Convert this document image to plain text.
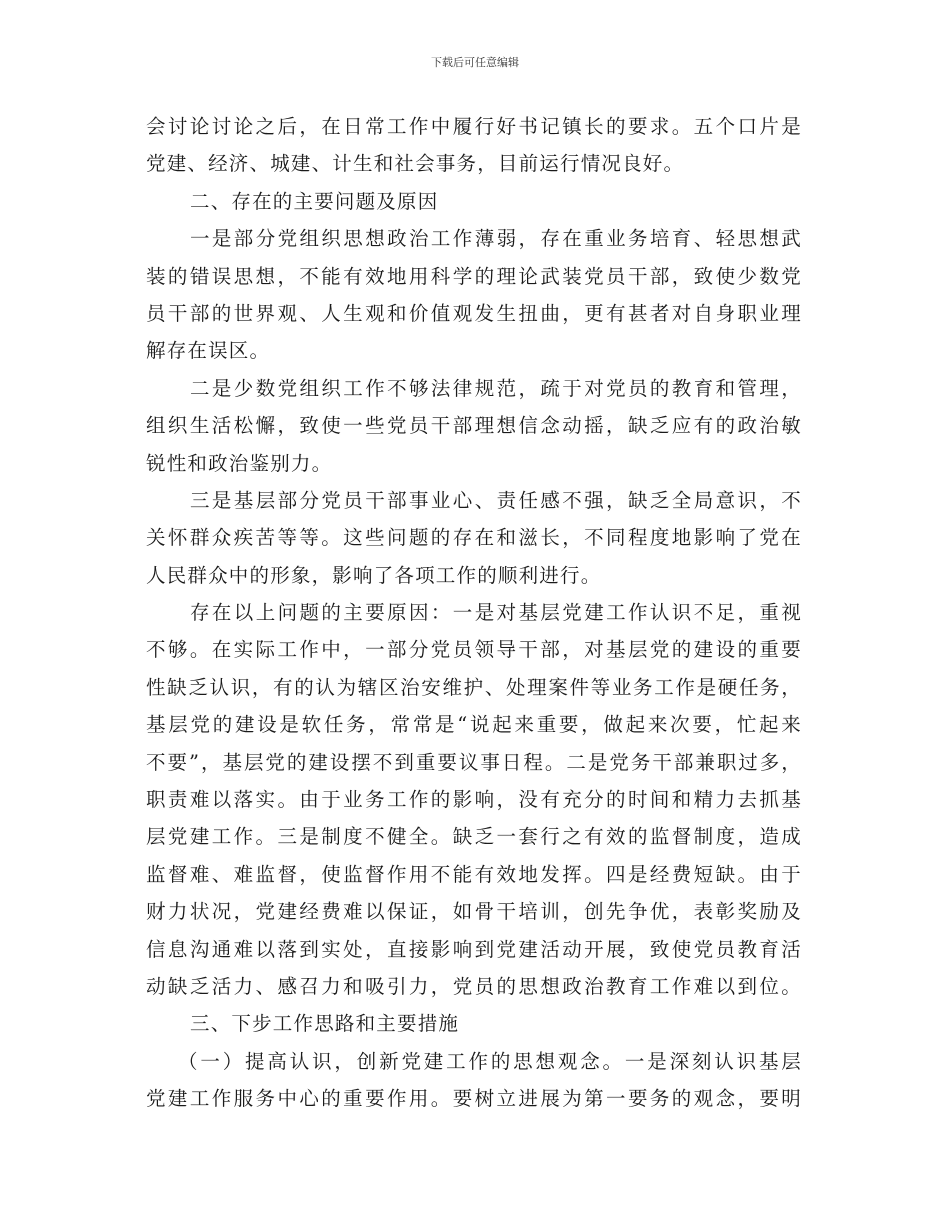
下载后可任意编辑
会讨论讨论之后，在日常工作中履行好书记镇长的要求。五个口片是
党建、经济、城建、计生和社会事务，目前运行情况良好。
二、存在的主要问题及原因
一是部分党组织思想政治工作薄弱，存在重业务培育、轻思想武
装的错误思想，不能有效地用科学的理论武装党员干部，致使少数党
员干部的世界观、人生观和价值观发生扭曲，更有甚者对自身职业理
解存在误区。
二是少数党组织工作不够法律规范，疏于对党员的教育和管理，
组织生活松懈，致使一些党员干部理想信念动摇，缺乏应有的政治敏
锐性和政治鉴别力。
三是基层部分党员干部事业心、责任感不强，缺乏全局意识，不
关怀群众疾苦等等。这些问题的存在和滋长，不同程度地影响了党在
人民群众中的形象，影响了各项工作的顺利进行。
存在以上问题的主要原因：一是对基层党建工作认识不足，重视
不够。在实际工作中，一部分党员领导干部，对基层党的建设的重要
性缺乏认识，有的认为辖区治安维护、处理案件等业务工作是硬任务，
基层党的建设是软任务，常常是“说起来重要，做起来次要，忙起来
不要”，基层党的建设摆不到重要议事日程。二是党务干部兼职过多，
职责难以落实。由于业务工作的影响，没有充分的时间和精力去抓基
层党建工作。三是制度不健全。缺乏一套行之有效的监督制度，造成
监督难、难监督，使监督作用不能有效地发挥。四是经费短缺。由于
财力状况，党建经费难以保证，如骨干培训，创先争优，表彰奖励及
信息沟通难以落到实处，直接影响到党建活动开展，致使党员教育活
动缺乏活力、感召力和吸引力，党员的思想政治教育工作难以到位。
三、下步工作思路和主要措施
（一）提高认识，创新党建工作的思想观念。一是深刻认识基层
党建工作服务中心的重要作用。要树立进展为第一要务的观念，要明
